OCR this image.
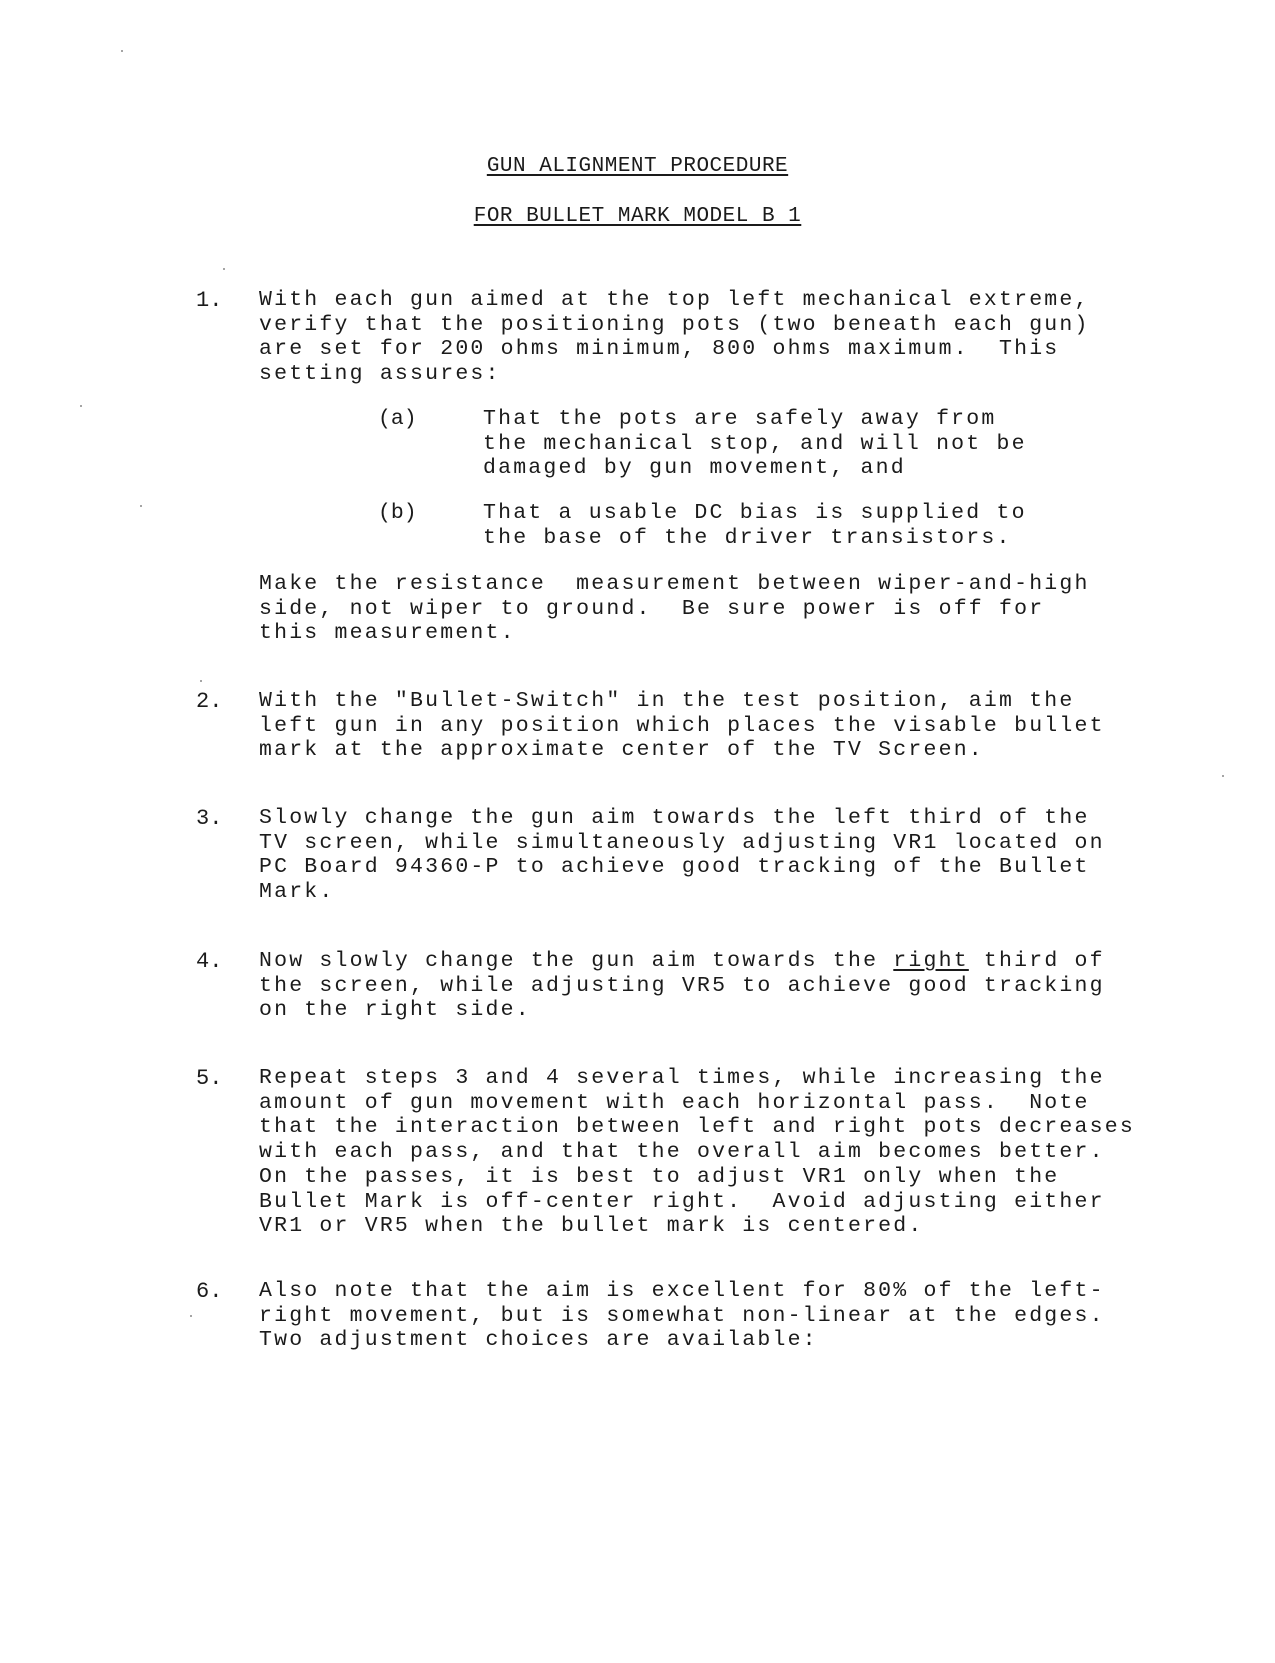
GUN ALIGNMENT PROCEDURE
FOR BULLET MARK MODEL B 1
1.	With each gun aimed at the top left mechanical extreme,
verify that the positioning pots (two beneath each gun)
are set for 200 ohms minimum, 800 ohms maximum.  This
setting assures:

(a)	That the pots are safely away from
the mechanical stop, and will not be
damaged by gun movement, and

(b)	That a usable DC bias is supplied to
the base of the driver transistors.

Make the resistance  measurement between wiper-and-high
side, not wiper to ground.  Be sure power is off for
this measurement.

2.	With the "Bullet-Switch" in the test position, aim the
left gun in any position which places the visable bullet
mark at the approximate center of the TV Screen.

3.	Slowly change the gun aim towards the left third of the
TV screen, while simultaneously adjusting VR1 located on
PC Board 94360-P to achieve good tracking of the Bullet
Mark.

4.	Now slowly change the gun aim towards the right third of
the screen, while adjusting VR5 to achieve good tracking
on the right side.

5.	Repeat steps 3 and 4 several times, while increasing the
amount of gun movement with each horizontal pass.  Note
that the interaction between left and right pots decreases
with each pass, and that the overall aim becomes better.
On the passes, it is best to adjust VR1 only when the
Bullet Mark is off-center right.  Avoid adjusting either
VR1 or VR5 when the bullet mark is centered.

6.	Also note that the aim is excellent for 80% of the left-
right movement, but is somewhat non-linear at the edges.
Two adjustment choices are available:
